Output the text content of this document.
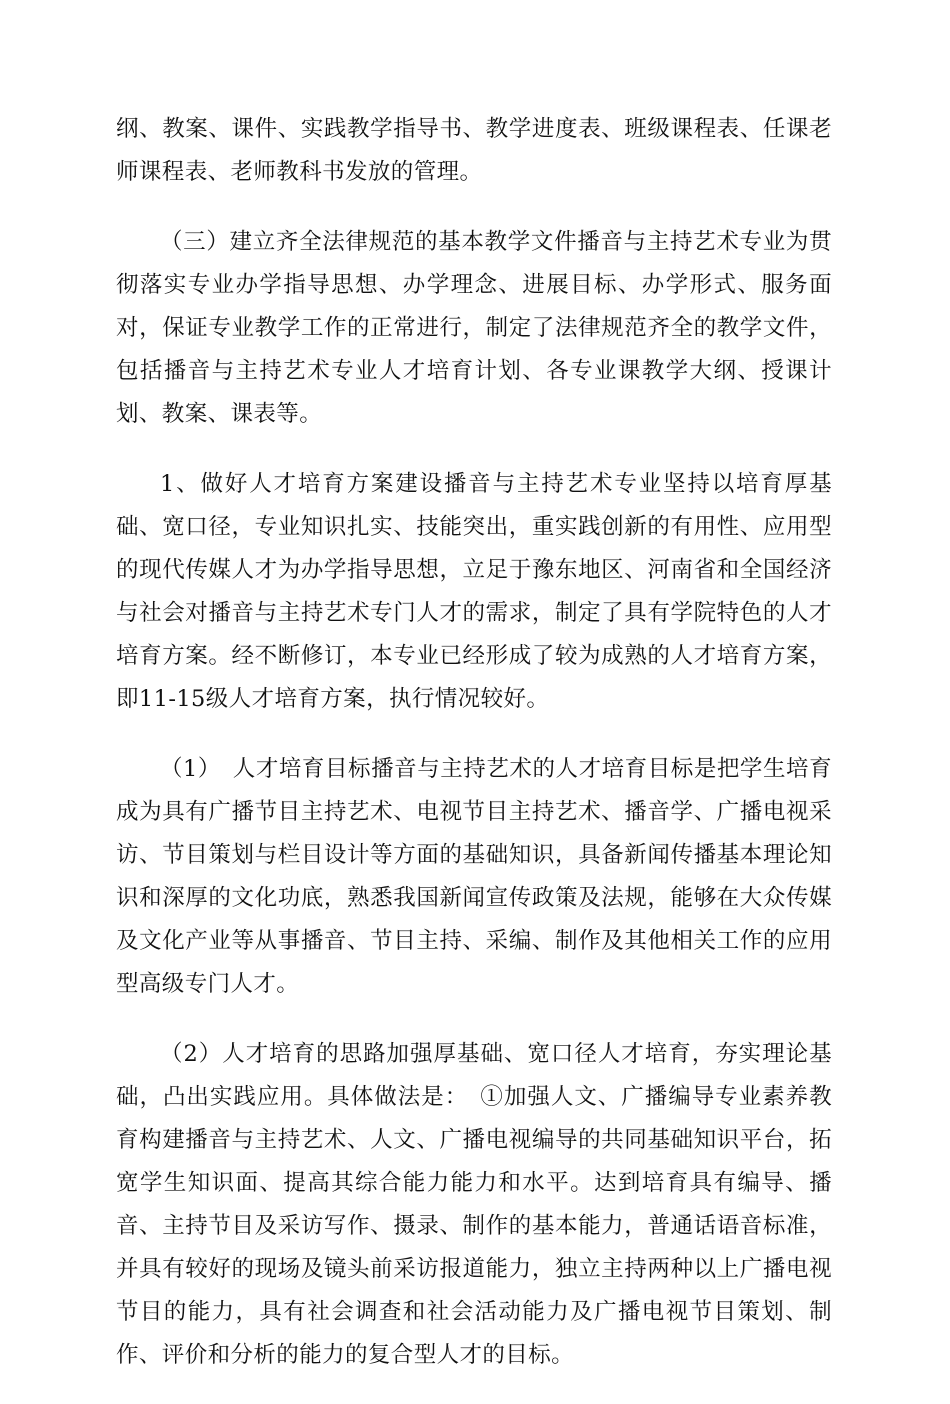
纲、教案、课件、实践教学指导书、教学进度表、班级课程表、任课老师课程表、老师教科书发放的管理。

（三）建立齐全法律规范的基本教学文件播音与主持艺术专业为贯彻落实专业办学指导思想、办学理念、进展目标、办学形式、服务面对，保证专业教学工作的正常进行，制定了法律规范齐全的教学文件，包括播音与主持艺术专业人才培育计划、各专业课教学大纲、授课计划、教案、课表等。

1、做好人才培育方案建设播音与主持艺术专业坚持以培育厚基础、宽口径，专业知识扎实、技能突出，重实践创新的有用性、应用型的现代传媒人才为办学指导思想，立足于豫东地区、河南省和全国经济与社会对播音与主持艺术专门人才的需求，制定了具有学院特色的人才培育方案。经不断修订，本专业已经形成了较为成熟的人才培育方案，即11-15级人才培育方案，执行情况较好。

（1）　人才培育目标播音与主持艺术的人才培育目标是把学生培育成为具有广播节目主持艺术、电视节目主持艺术、播音学、广播电视采访、节目策划与栏目设计等方面的基础知识，具备新闻传播基本理论知识和深厚的文化功底，熟悉我国新闻宣传政策及法规，能够在大众传媒及文化产业等从事播音、节目主持、采编、制作及其他相关工作的应用型高级专门人才。

（2）人才培育的思路加强厚基础、宽口径人才培育，夯实理论基础，凸出实践应用。具体做法是：　①加强人文、广播编导专业素养教育构建播音与主持艺术、人文、广播电视编导的共同基础知识平台，拓宽学生知识面、提高其综合能力能力和水平。达到培育具有编导、播音、主持节目及采访写作、摄录、制作的基本能力，普通话语音标准，并具有较好的现场及镜头前采访报道能力，独立主持两种以上广播电视节目的能力，具有社会调查和社会活动能力及广播电视节目策划、制作、评价和分析的能力的复合型人才的目标。
